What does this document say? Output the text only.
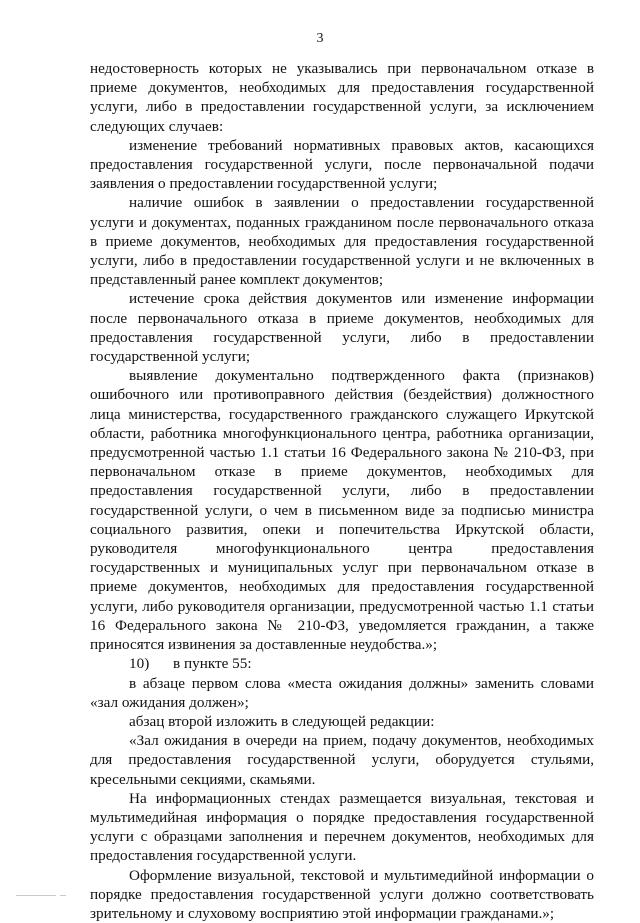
3

недостоверность которых не указывались при первоначальном отказе в приеме документов, необходимых для предоставления государственной услуги, либо в предоставлении государственной услуги, за исключением следующих случаев:

изменение требований нормативных правовых актов, касающихся предоставления государственной услуги, после первоначальной подачи заявления о предоставлении государственной услуги;

наличие ошибок в заявлении о предоставлении государственной услуги и документах, поданных гражданином после первоначального отказа в приеме документов, необходимых для предоставления государственной услуги, либо в предоставлении государственной услуги и не включенных в представленный ранее комплект документов;

истечение срока действия документов или изменение информации после первоначального отказа в приеме документов, необходимых для предоставления государственной услуги, либо в предоставлении государственной услуги;

выявление документально подтвержденного факта (признаков) ошибочного или противоправного действия (бездействия) должностного лица министерства, государственного гражданского служащего Иркутской области, работника многофункционального центра, работника организации, предусмотренной частью 1.1 статьи 16 Федерального закона № 210-ФЗ, при первоначальном отказе в приеме документов, необходимых для предоставления государственной услуги, либо в предоставлении государственной услуги, о чем в письменном виде за подписью министра социального развития, опеки и попечительства Иркутской области, руководителя многофункционального центра предоставления государственных и муниципальных услуг при первоначальном отказе в приеме документов, необходимых для предоставления государственной услуги, либо руководителя организации, предусмотренной частью 1.1 статьи 16 Федерального закона № 210-ФЗ, уведомляется гражданин, а также приносятся извинения за доставленные неудобства.»;

10) в пункте 55:

в абзаце первом слова «места ожидания должны» заменить словами «зал ожидания должен»;

абзац второй изложить в следующей редакции:

«Зал ожидания в очереди на прием, подачу документов, необходимых для предоставления государственной услуги, оборудуется стульями, кресельными секциями, скамьями.

На информационных стендах размещается визуальная, текстовая и мультимедийная информация о порядке предоставления государственной услуги с образцами заполнения и перечнем документов, необходимых для предоставления государственной услуги.

Оформление визуальной, текстовой и мультимедийной информации о порядке предоставления государственной услуги должно соответствовать зрительному и слуховому восприятию этой информации гражданами.»;
